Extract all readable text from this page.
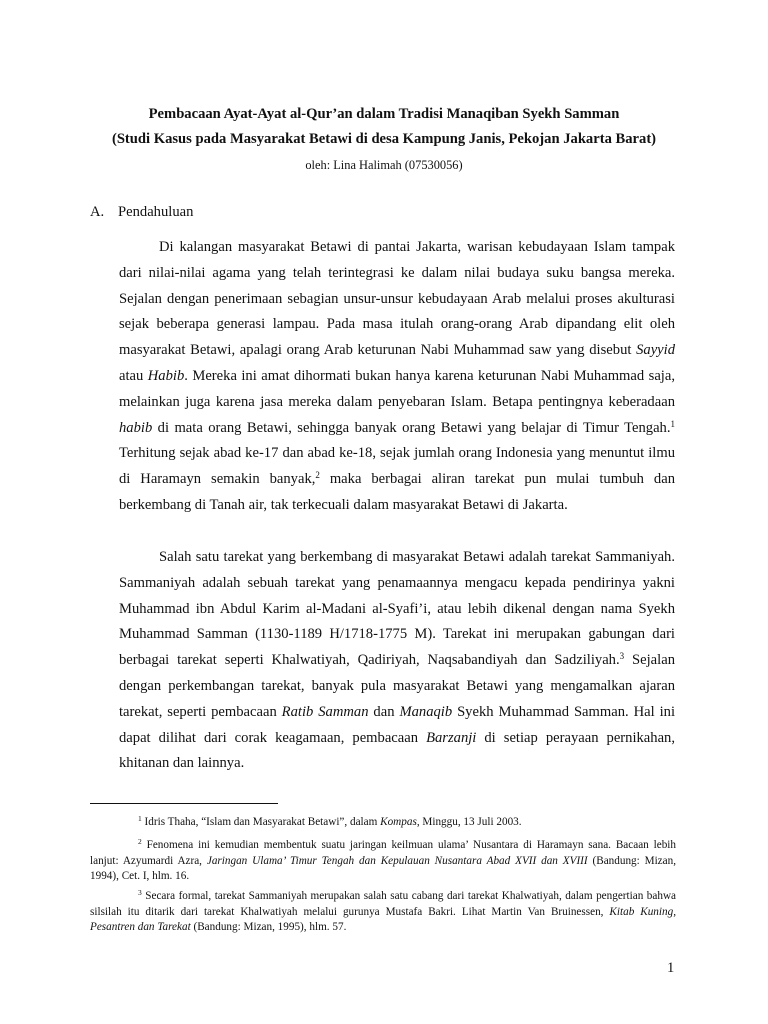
Pembacaan Ayat-Ayat al-Qur’an dalam Tradisi Manaqiban Syekh Samman
(Studi Kasus pada Masyarakat Betawi di desa Kampung Janis, Pekojan Jakarta Barat)
oleh: Lina Halimah (07530056)
A. Pendahuluan

Di kalangan masyarakat Betawi di pantai Jakarta, warisan kebudayaan Islam tampak dari nilai-nilai agama yang telah terintegrasi ke dalam nilai budaya suku bangsa mereka. Sejalan dengan penerimaan sebagian unsur-unsur kebudayaan Arab melalui proses akulturasi sejak beberapa generasi lampau. Pada masa itulah orang-orang Arab dipandang elit oleh masyarakat Betawi, apalagi orang Arab keturunan Nabi Muhammad saw yang disebut Sayyid atau Habib. Mereka ini amat dihormati bukan hanya karena keturunan Nabi Muhammad saja, melainkan juga karena jasa mereka dalam penyebaran Islam. Betapa pentingnya keberadaan habib di mata orang Betawi, sehingga banyak orang Betawi yang belajar di Timur Tengah.$^1$ Terhitung sejak abad ke-17 dan abad ke-18, sejak jumlah orang Indonesia yang menuntut ilmu di Haramayn semakin banyak,$^2$ maka berbagai aliran tarekat pun mulai tumbuh dan berkembang di Tanah air, tak terkecuali dalam masyarakat Betawi di Jakarta.

Salah satu tarekat yang berkembang di masyarakat Betawi adalah tarekat Sammaniyah. Sammaniyah adalah sebuah tarekat yang penamaannya mengacu kepada pendirinya yakni Muhammad ibn Abdul Karim al-Madani al-Syafi’i, atau lebih dikenal dengan nama Syekh Muhammad Samman (1130-1189 H/1718-1775 M). Tarekat ini merupakan gabungan dari berbagai tarekat seperti Khalwatiyah, Qadiriyah, Naqsabandiyah dan Sadziliyah.$^3$ Sejalan dengan perkembangan tarekat, banyak pula masyarakat Betawi yang mengamalkan ajaran tarekat, seperti pembacaan Ratib Samman dan Manaqib Syekh Muhammad Samman. Hal ini dapat dilihat dari corak keagamaan, pembacaan Barzanji di setiap perayaan pernikahan, khitanan dan lainnya.

$^1$ Idris Thaha, “Islam dan Masyarakat Betawi”, dalam Kompas, Minggu, 13 Juli 2003.

$^2$ Fenomena ini kemudian membentuk suatu jaringan keilmuan ulama’ Nusantara di Haramayn sana. Bacaan lebih lanjut: Azyumardi Azra, Jaringan Ulama’ Timur Tengah dan Kepulauan Nusantara Abad XVII dan XVIII (Bandung: Mizan, 1994), Cet. I, hlm. 16.

$^3$ Secara formal, tarekat Sammaniyah merupakan salah satu cabang dari tarekat Khalwatiyah, dalam pengertian bahwa silsilah itu ditarik dari tarekat Khalwatiyah melalui gurunya Mustafa Bakri. Lihat Martin Van Bruinessen, Kitab Kuning, Pesantren dan Tarekat (Bandung: Mizan, 1995), hlm. 57.

1
